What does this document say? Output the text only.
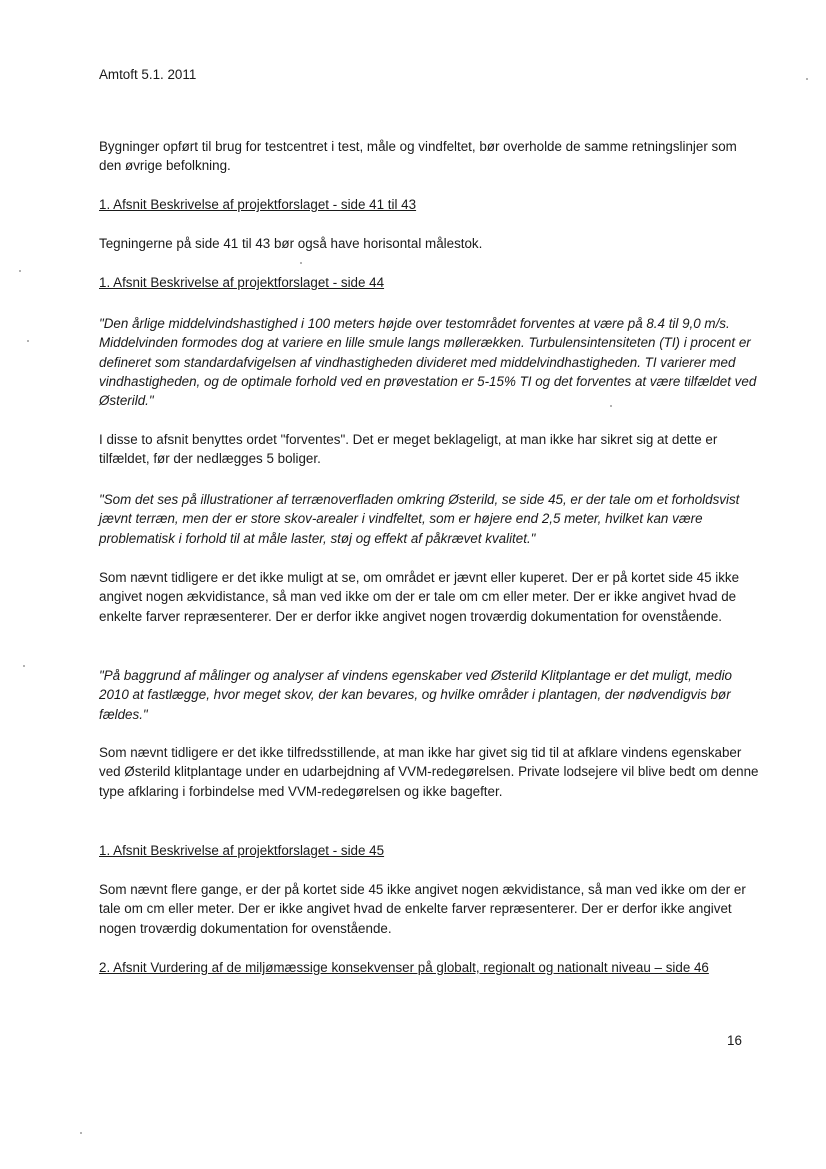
Amtoft 5.1. 2011

Bygninger opført til brug for testcentret i test, måle og vindfeltet, bør overholde de samme retningslinjer som den øvrige befolkning.

1. Afsnit Beskrivelse af projektforslaget - side 41 til 43

Tegningerne på side 41 til 43 bør også have horisontal målestok.

1. Afsnit Beskrivelse af projektforslaget - side 44

"Den årlige middelvindshastighed i 100 meters højde over testområdet forventes at være på 8.4 til 9,0 m/s. Middelvinden formodes dog at variere en lille smule langs møllerækken. Turbulensintensiteten (TI) i procent er defineret som standardafvigelsen af vindhastigheden divideret med middelvindhastigheden. TI varierer med vindhastigheden, og de optimale forhold ved en prøvestation er 5-15% TI og det forventes at være tilfældet ved Østerild."

I disse to afsnit benyttes ordet "forventes". Det er meget beklageligt, at man ikke har sikret sig at dette er tilfældet, før der nedlægges 5 boliger.

"Som det ses på illustrationer af terrænoverfladen omkring Østerild, se side 45, er der tale om et forholdsvist jævnt terræn, men der er store skov-arealer i vindfeltet, som er højere end 2,5 meter, hvilket kan være problematisk i forhold til at måle laster, støj og effekt af påkrævet kvalitet."

Som nævnt tidligere er det ikke muligt at se, om området er jævnt eller kuperet. Der er på kortet side 45 ikke angivet nogen ækvidistance, så man ved ikke om der er tale om cm eller meter. Der er ikke angivet hvad de enkelte farver repræsenterer. Der er derfor ikke angivet nogen troværdig dokumentation for ovenstående.

"På baggrund af målinger og analyser af vindens egenskaber ved Østerild Klitplantage er det muligt, medio 2010 at fastlægge, hvor meget skov, der kan bevares, og hvilke områder i plantagen, der nødvendigvis bør fældes."

Som nævnt tidligere er det ikke tilfredsstillende, at man ikke har givet sig tid til at afklare vindens egenskaber ved Østerild klitplantage under en udarbejdning af VVM-redegørelsen. Private lodsejere vil blive bedt om denne type afklaring i forbindelse med VVM-redegørelsen og ikke bagefter.

1. Afsnit Beskrivelse af projektforslaget - side 45

Som nævnt flere gange, er der på kortet side 45 ikke angivet nogen ækvidistance, så man ved ikke om der er tale om cm eller meter. Der er ikke angivet hvad de enkelte farver repræsenterer. Der er derfor ikke angivet nogen troværdig dokumentation for ovenstående.

2. Afsnit Vurdering af de miljømæssige konsekvenser på globalt, regionalt og nationalt niveau – side 46

16
